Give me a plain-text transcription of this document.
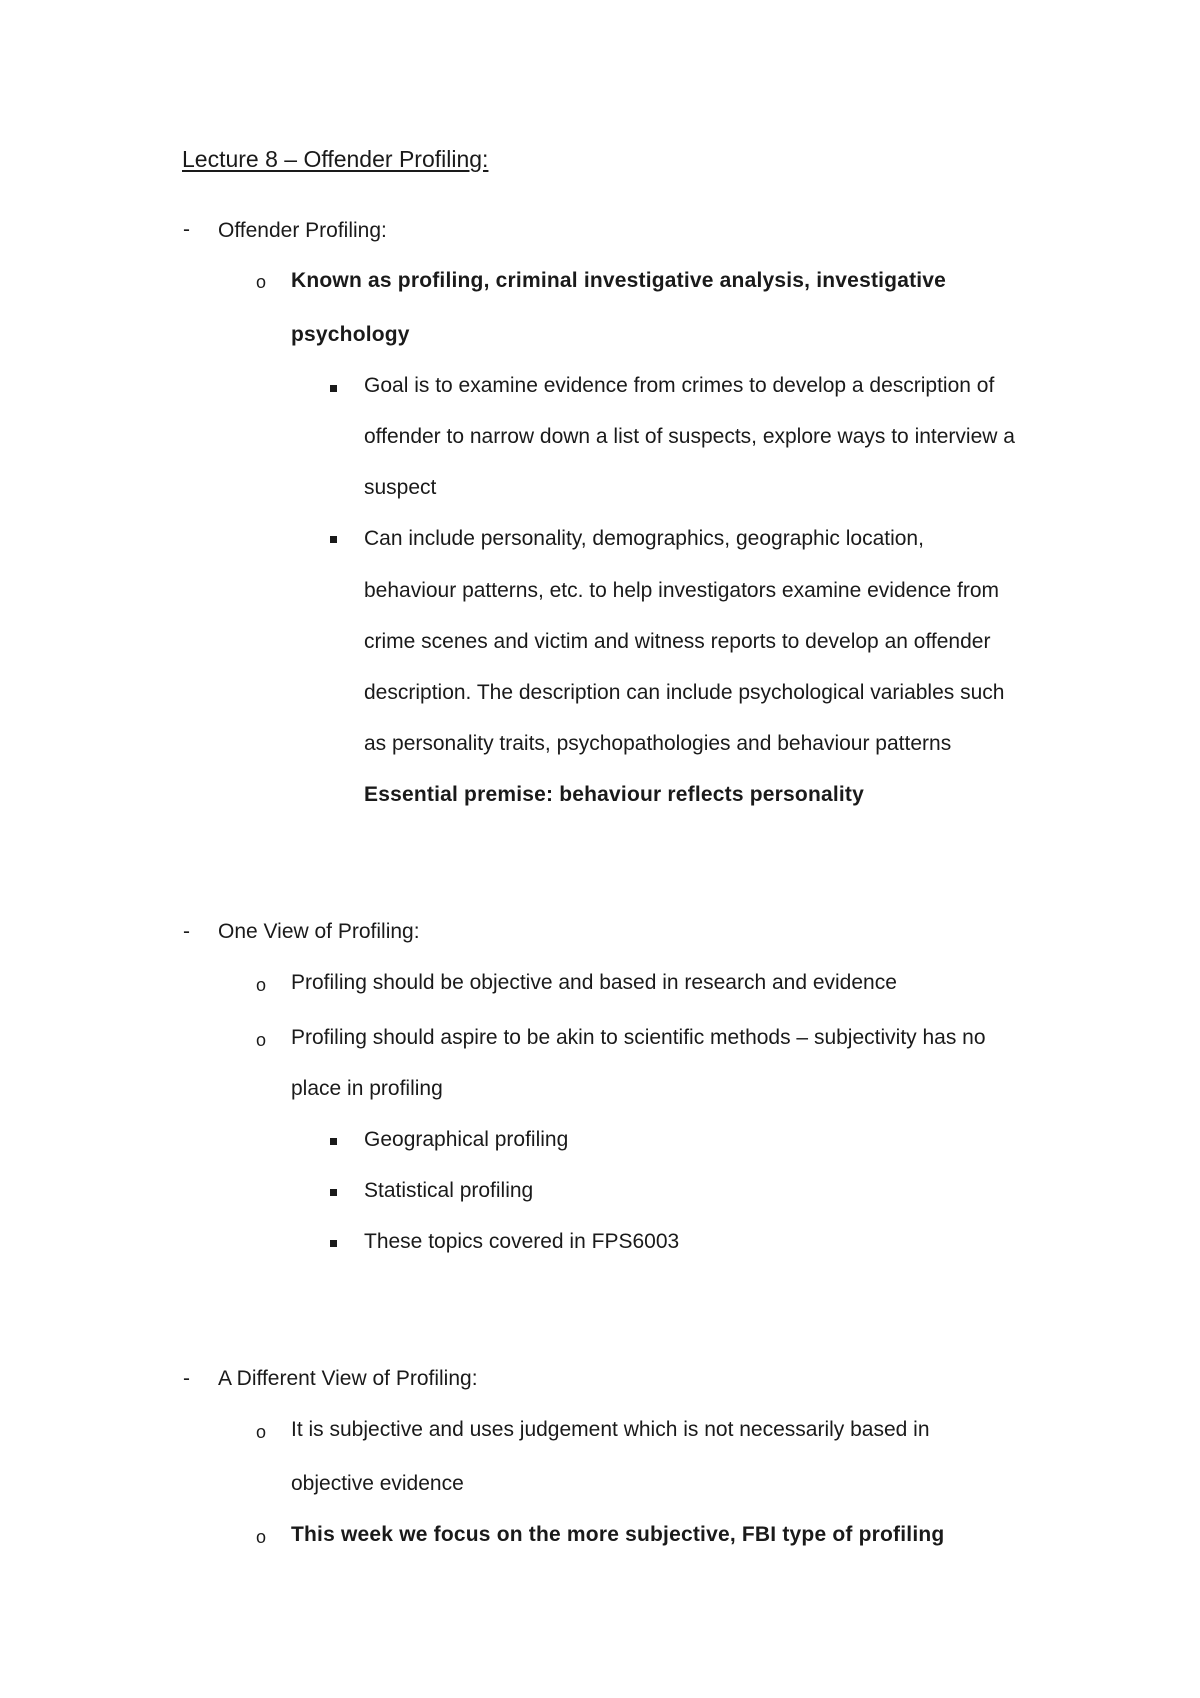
Lecture 8 – Offender Profiling:
- Offender Profiling:
o Known as profiling, criminal investigative analysis, investigative
psychology
Goal is to examine evidence from crimes to develop a description of
offender to narrow down a list of suspects, explore ways to interview a
suspect
Can include personality, demographics, geographic location,
behaviour patterns, etc. to help investigators examine evidence from
crime scenes and victim and witness reports to develop an offender
description. The description can include psychological variables such
as personality traits, psychopathologies and behaviour patterns
Essential premise: behaviour reflects personality
- One View of Profiling:
o Profiling should be objective and based in research and evidence
o Profiling should aspire to be akin to scientific methods – subjectivity has no
place in profiling
Geographical profiling
Statistical profiling
These topics covered in FPS6003
- A Different View of Profiling:
o It is subjective and uses judgement which is not necessarily based in
objective evidence
o This week we focus on the more subjective, FBI type of profiling
